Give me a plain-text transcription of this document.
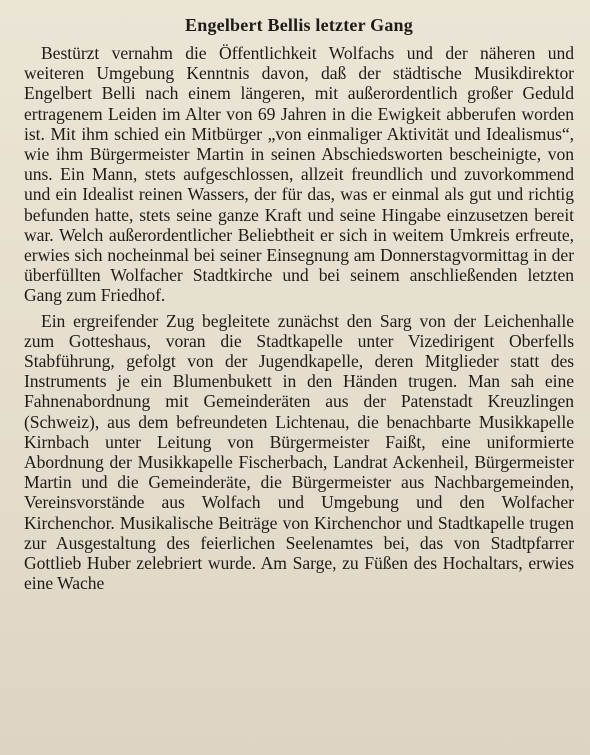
Engelbert Bellis letzter Gang

Bestürzt vernahm die Öffentlichkeit Wolfachs und der näheren und weiteren Umgebung Kenntnis davon, daß der städtische Musikdirektor Engelbert Belli nach einem längeren, mit außerordentlich großer Geduld ertragenem Leiden im Alter von 69 Jahren in die Ewigkeit abberufen worden ist. Mit ihm schied ein Mitbürger „von einmaliger Aktivität und Idealismus“, wie ihm Bürgermeister Martin in seinen Abschiedsworten bescheinigte, von uns. Ein Mann, stets aufgeschlossen, allzeit freundlich und zuvorkommend und ein Idealist reinen Wassers, der für das, was er einmal als gut und richtig befunden hatte, stets seine ganze Kraft und seine Hingabe einzusetzen bereit war. Welch außerordentlicher Beliebtheit er sich in weitem Umkreis erfreute, erwies sich nocheinmal bei seiner Einsegnung am Donnerstagvormittag in der überfüllten Wolfacher Stadtkirche und bei seinem anschließenden letzten Gang zum Friedhof.

Ein ergreifender Zug begleitete zunächst den Sarg von der Leichenhalle zum Gotteshaus, voran die Stadtkapelle unter Vizedirigent Oberfells Stabführung, gefolgt von der Jugendkapelle, deren Mitglieder statt des Instruments je ein Blumenbukett in den Händen trugen. Man sah eine Fahnenabordnung mit Gemeinderäten aus der Patenstadt Kreuzlingen (Schweiz), aus dem befreundeten Lichtenau, die benachbarte Musikkapelle Kirnbach unter Leitung von Bürgermeister Faißt, eine uniformierte Abordnung der Musikkapelle Fischerbach, Landrat Ackenheil, Bürgermeister Martin und die Gemeinderäte, die Bürgermeister aus Nachbargemeinden, Vereinsvorstände aus Wolfach und Umgebung und den Wolfacher Kirchenchor. Musikalische Beiträge von Kirchenchor und Stadtkapelle trugen zur Ausgestaltung des feierlichen Seelenamtes bei, das von Stadtpfarrer Gottlieb Huber zelebriert wurde. Am Sarge, zu Füßen des Hochaltars, erwies eine Wache
